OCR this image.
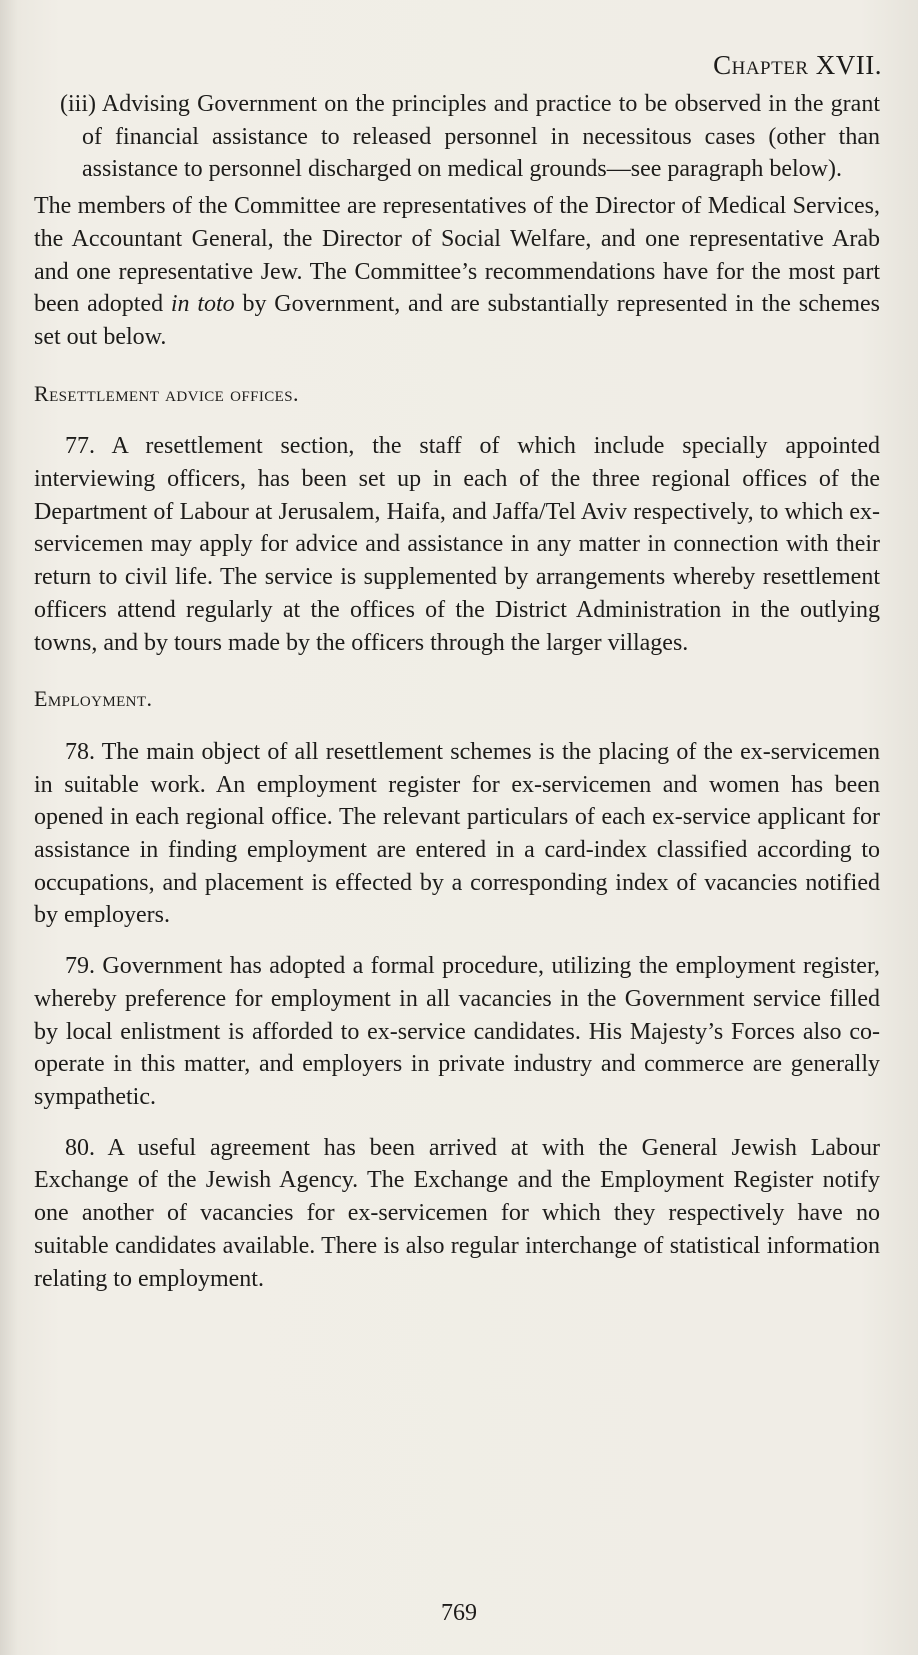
Chapter XVII.

(iii) Advising Government on the principles and practice to be observed in the grant of financial assistance to released personnel in necessitous cases (other than assistance to personnel discharged on medical grounds—see paragraph below).

The members of the Committee are representatives of the Director of Medical Services, the Accountant General, the Director of Social Welfare, and one representative Arab and one representative Jew. The Committee’s recommendations have for the most part been adopted in toto by Government, and are substantially represented in the schemes set out below.

Resettlement advice offices.

77. A resettlement section, the staff of which include specially appointed interviewing officers, has been set up in each of the three regional offices of the Department of Labour at Jerusalem, Haifa, and Jaffa/Tel Aviv respectively, to which ex-servicemen may apply for advice and assistance in any matter in connection with their return to civil life. The service is supplemented by arrangements whereby resettlement officers attend regularly at the offices of the District Administration in the outlying towns, and by tours made by the officers through the larger villages.

Employment.

78. The main object of all resettlement schemes is the placing of the ex-servicemen in suitable work. An employment register for ex-servicemen and women has been opened in each regional office. The relevant particulars of each ex-service applicant for assistance in finding employment are entered in a card-index classified according to occupations, and placement is effected by a corresponding index of vacancies notified by employers.

79. Government has adopted a formal procedure, utilizing the employment register, whereby preference for employment in all vacancies in the Government service filled by local enlistment is afforded to ex-service candidates. His Majesty’s Forces also co-operate in this matter, and employers in private industry and commerce are generally sympathetic.

80. A useful agreement has been arrived at with the General Jewish Labour Exchange of the Jewish Agency. The Exchange and the Employment Register notify one another of vacancies for ex-servicemen for which they respectively have no suitable candidates available. There is also regular interchange of statistical information relating to employment.

769
